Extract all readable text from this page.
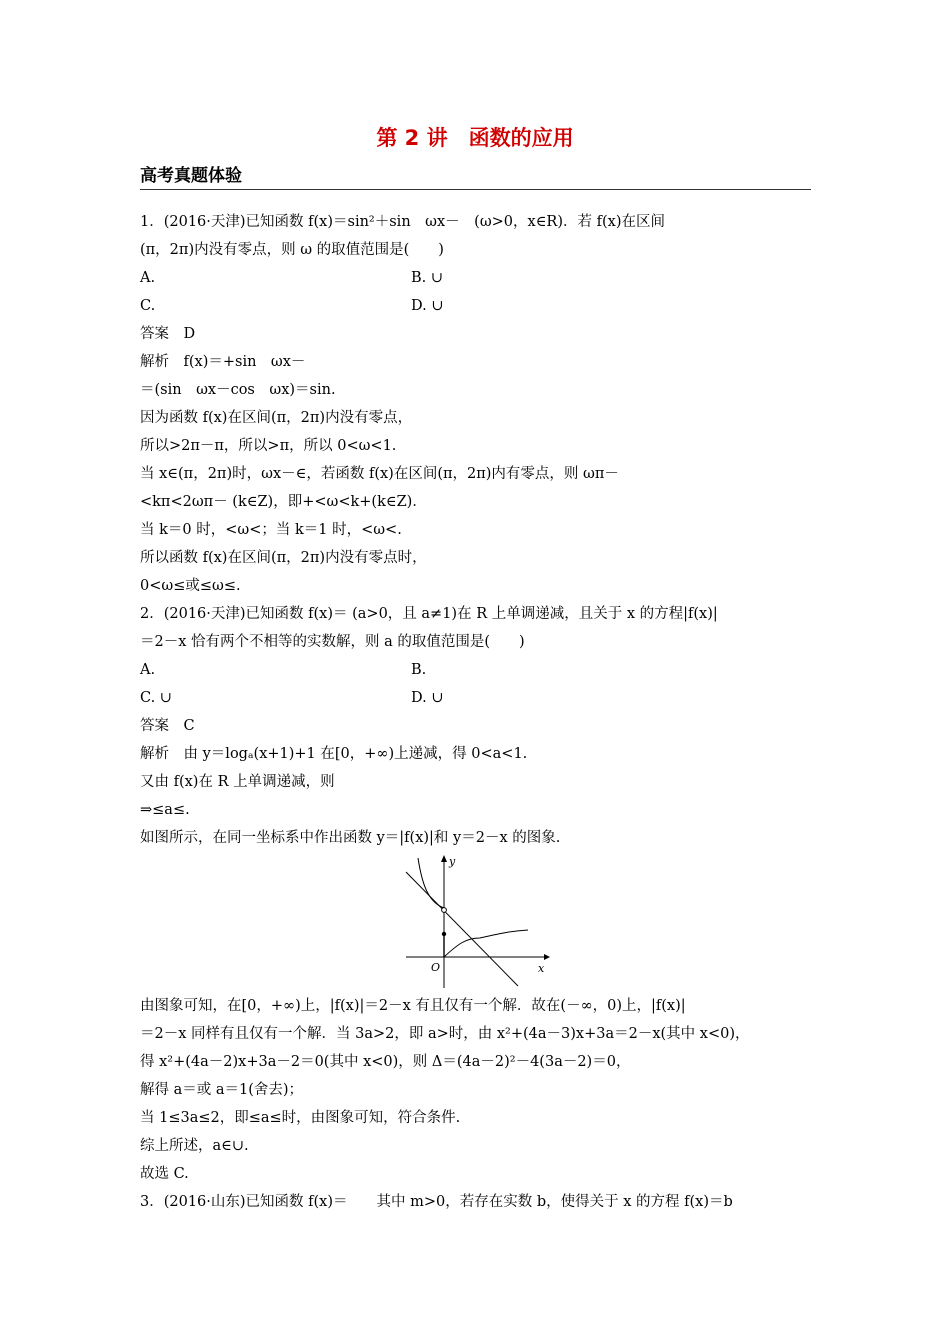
第 2 讲　函数的应用
高考真题体验
1．(2016·天津)已知函数 f(x)＝sin²＋sin　ωx－　(ω>0，x∈R)．若 f(x)在区间
(π，2π)内没有零点，则 ω 的取值范围是(　　)
A.	B. ∪
C.	D. ∪
答案　D
解析　f(x)＝+sin　ωx－
＝(sin　ωx－cos　ωx)＝sin.
因为函数 f(x)在区间(π，2π)内没有零点，
所以>2π－π，所以>π，所以 0<ω<1.
当 x∈(π，2π)时，ωx－∈，若函数 f(x)在区间(π，2π)内有零点，则 ωπ－
<kπ<2ωπ－ (k∈Z)，即+<ω<k+(k∈Z)．
当 k＝0 时，<ω<；当 k＝1 时，<ω<.
所以函数 f(x)在区间(π，2π)内没有零点时，
0<ω≤或≤ω≤.
2．(2016·天津)已知函数 f(x)＝ (a>0，且 a≠1)在 R 上单调递减，且关于 x 的方程|f(x)|
＝2－x 恰有两个不相等的实数解，则 a 的取值范围是(　　)
A.	B.
C. ∪	D. ∪
答案　C
解析　由 y＝logₐ(x+1)+1 在[0，+∞)上递减，得 0<a<1.
又由 f(x)在 R 上单调递减，则
⇒≤a≤.
如图所示，在同一坐标系中作出函数 y＝|f(x)|和 y＝2－x 的图象.
y
x
O
由图象可知，在[0，+∞)上，|f(x)|＝2－x 有且仅有一个解．故在(－∞，0)上，|f(x)|
＝2－x 同样有且仅有一个解．当 3a>2，即 a>时，由 x²+(4a－3)x+3a＝2－x(其中 x<0)，
得 x²+(4a－2)x+3a－2＝0(其中 x<0)，则 Δ＝(4a－2)²－4(3a－2)＝0，
解得 a＝或 a＝1(舍去)；
当 1≤3a≤2，即≤a≤时，由图象可知，符合条件.
综上所述，a∈∪.
故选 C.
3．(2016·山东)已知函数 f(x)＝　　其中 m>0，若存在实数 b，使得关于 x 的方程 f(x)＝b
